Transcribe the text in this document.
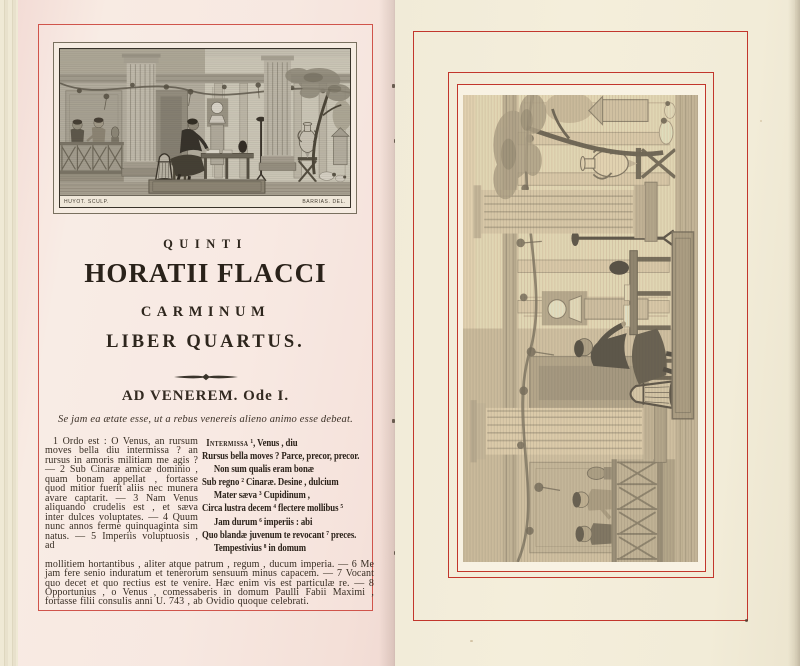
HUYOT. SCULP.	BARRIAS. DEL.
QUINTI
HORATII FLACCI
CARMINUM
LIBER QUARTUS.
AD VENEREM. Ode I.
Se jam ea ætate esse, ut a rebus venereis alieno animo esse debeat.
1 Ordo est : O Venus, an rursum moves bella diu intermissa ? an rursus in amoris militiam me agis ? — 2 Sub Cinaræ amicæ dominio , quam bonam appellat , fortasse quod mitior fuerit aliis nec munera avare captarit. — 3 Nam Venus aliquando crudelis est , et sæva inter dulces voluptates. — 4 Quum nunc annos ferme quinquaginta sim natus. — 5 Imperiis voluptuosis , ad
Intermissa ¹, Venus , diu
Rursus bella moves ? Parce, precor, precor.
Non sum qualis eram bonæ
Sub regno ² Cinaræ. Desine , dulcium
Mater sæva ³ Cupidinum ,
Circa lustra decem ⁴ flectere mollibus ⁵
Jam durum ⁶ imperiis : abi
Quo blandæ juvenum te revocant ⁷ preces.
Tempestivius ⁸ in domum
mollitiem hortantibus , aliter atque patrum , regum , ducum imperia. — 6 Me jam fere senio induratum et tenerorum sensuum minus capacem. — 7 Vocant quo decet et quo rectius est te venire. Hæc enim vis est particulæ re. — 8 Opportunius , o Venus , comessaberis in domum Paulli Fabii Maximi , fortasse filii consulis anni U. 743 , ab Ovidio quoque celebrati.
